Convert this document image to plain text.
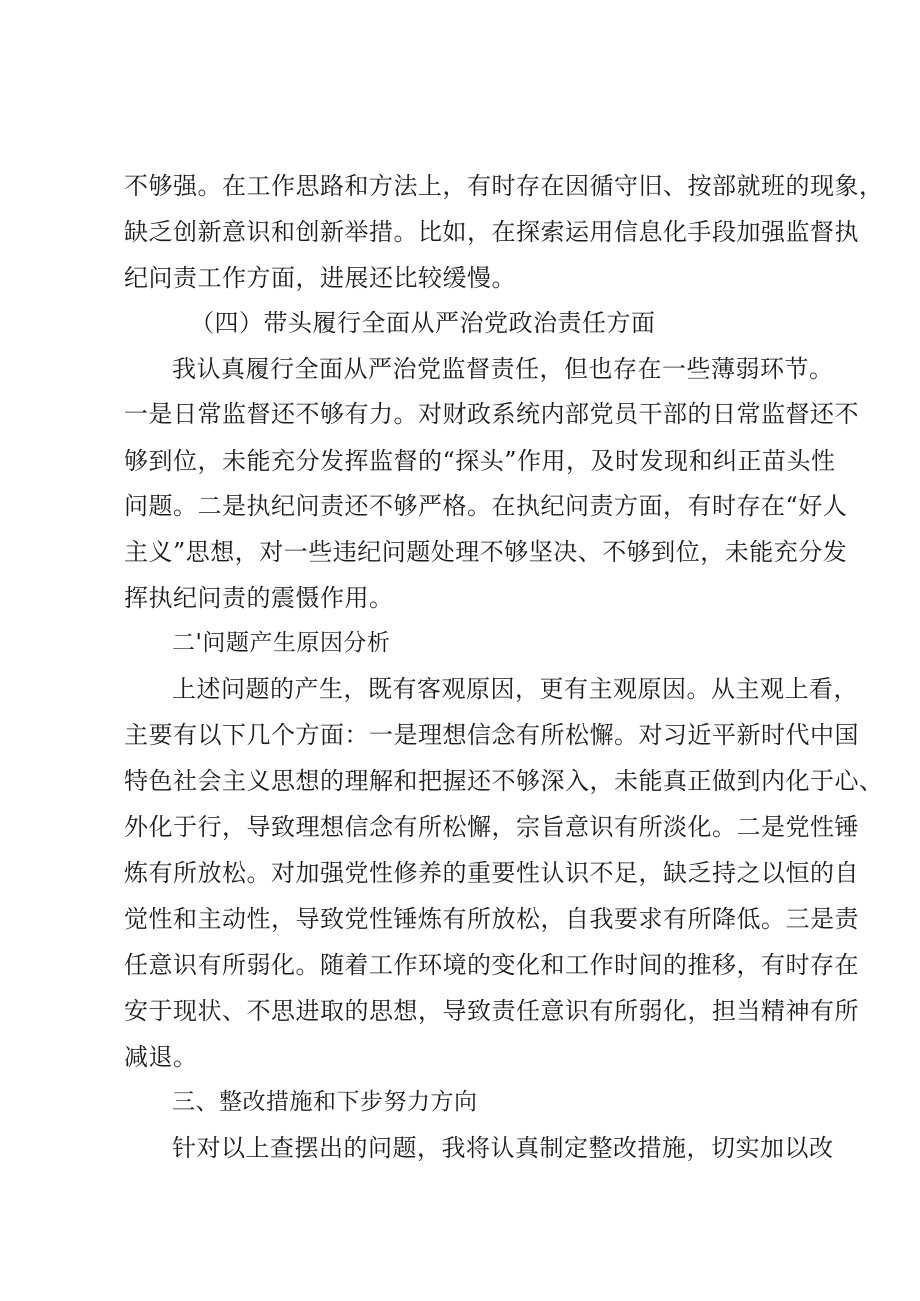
不够强。在工作思路和方法上，有时存在因循守旧、按部就班的现象，

缺乏创新意识和创新举措。比如，在探索运用信息化手段加强监督执

纪问责工作方面，进展还比较缓慢。

（四）带头履行全面从严治党政治责任方面

我认真履行全面从严治党监督责任，但也存在一些薄弱环节。

一是日常监督还不够有力。对财政系统内部党员干部的日常监督还不

够到位，未能充分发挥监督的“探头”作用，及时发现和纠正苗头性

问题。二是执纪问责还不够严格。在执纪问责方面，有时存在“好人

主义”思想，对一些违纪问题处理不够坚决、不够到位，未能充分发

挥执纪问责的震慑作用。

二'问题产生原因分析

上述问题的产生，既有客观原因，更有主观原因。从主观上看，

主要有以下几个方面：一是理想信念有所松懈。对习近平新时代中国

特色社会主义思想的理解和把握还不够深入，未能真正做到内化于心、

外化于行，导致理想信念有所松懈，宗旨意识有所淡化。二是党性锤

炼有所放松。对加强党性修养的重要性认识不足，缺乏持之以恒的自

觉性和主动性，导致党性锤炼有所放松，自我要求有所降低。三是责

任意识有所弱化。随着工作环境的变化和工作时间的推移，有时存在

安于现状、不思进取的思想，导致责任意识有所弱化，担当精神有所

减退。

三、整改措施和下步努力方向

针对以上查摆出的问题，我将认真制定整改措施，切实加以改
